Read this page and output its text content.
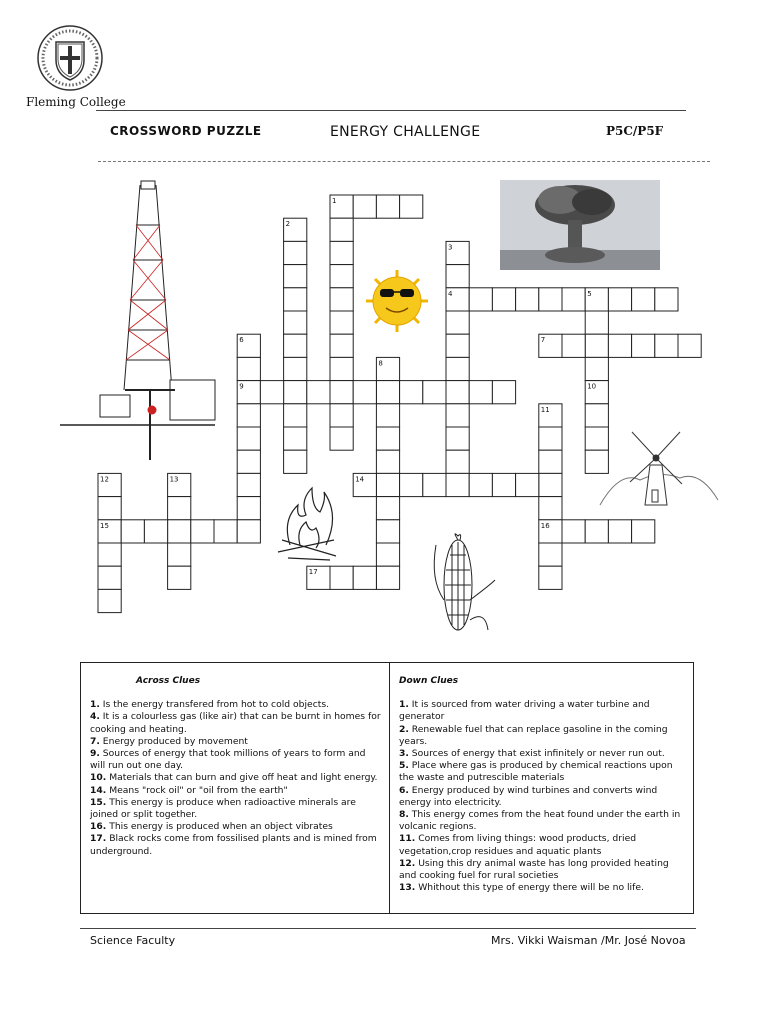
Fleming College
CROSSWORD PUZZLE	ENERGY CHALLENGE	P5C/P5F
1
2
3
4	5
6	7
8
9	10
11
12	13	14
15	16
17
Across Clues
1. Is the energy transfered from hot to cold objects.
4. It is a colourless gas (like air) that can be burnt in homes for cooking and heating.
7. Energy produced by movement
9. Sources of energy that took millions of years to form and will run out one day.
10. Materials that can burn and give off heat and light energy.
14. Means "rock oil" or "oil from the earth"
15. This energy is produce when radioactive minerals are joined or split together.
16. This energy is produced when an object vibrates
17. Black rocks come from fossilised plants and is mined from underground.
Down Clues
1. It is sourced from water driving a water turbine and generator
2. Renewable fuel that can replace gasoline in the coming years.
3. Sources of energy that exist infinitely or never run out.
5. Place where gas is produced by chemical reactions upon the waste and putrescible materials
6. Energy produced by wind turbines and converts wind energy into electricity.
8. This energy comes from the heat found under the earth in volcanic regions.
11. Comes from living things: wood products, dried vegetation,crop residues and aquatic plants
12. Using this dry animal waste has long provided heating and cooking fuel for rural societies
13. Whithout this type of energy there will be no life.
Science Faculty	Mrs. Vikki Waisman /Mr. José Novoa
